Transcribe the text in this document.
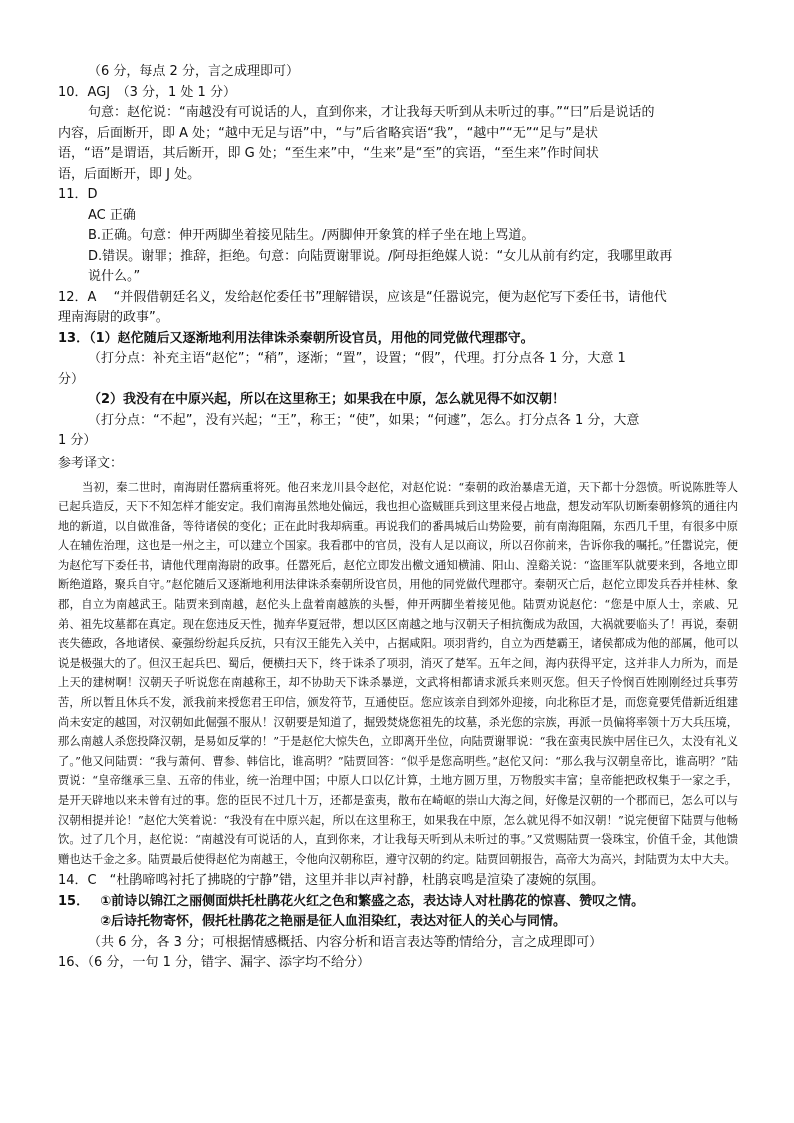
（6 分，每点 2 分，言之成理即可）
10．AGJ　（3 分，1 处 1 分）
句意：赵佗说：“南越没有可说话的人，直到你来，才让我每天听到从未听过的事。”“曰”后是说话的
内容，后面断开，即 A 处；“越中无足与语”中，“与”后省略宾语“我”，“越中”“无”“足与”是状
语，“语”是谓语，其后断开，即 G 处；“至生来”中，“生来”是“至”的宾语，“至生来”作时间状
语，后面断开，即 J 处。
11．D
AC 正确
B.正确。句意：伸开两脚坐着接见陆生。/两脚伸开象箕的样子坐在地上骂道。
D.错误。谢罪；推辞，拒绝。句意：向陆贾谢罪说。/阿母拒绝媒人说：“女儿从前有约定，我哪里敢再
说什么。”
12．A　 “并假借朝廷名义，发给赵佗委任书”理解错误，应该是“任嚣说完，便为赵佗写下委任书，请他代
理南海尉的政事”。
13．（1）赵佗随后又逐渐地利用法律诛杀秦朝所设官员，用他的同党做代理郡守。
（打分点：补充主语“赵佗”；“稍”，逐渐；“置”，设置；“假”，代理。打分点各 1 分，大意 1
分）
（2）我没有在中原兴起，所以在这里称王；如果我在中原，怎么就见得不如汉朝！
（打分点：“不起”，没有兴起；“王”，称王；“使”，如果；“何遽”，怎么。打分点各 1 分，大意
1 分）
参考译文：
当初，秦二世时，南海尉任嚣病重将死。他召来龙川县令赵佗，对赵佗说：“秦朝的政治暴虐无道，天下都十分怨愤。听说陈胜等人已起兵造反，天下不知怎样才能安定。我们南海虽然地处偏远，我也担心盗贼匪兵到这里来侵占地盘，想发动军队切断秦朝修筑的通往内地的新道，以自做准备，等待诸侯的变化；正在此时我却病重。再说我们的番禺城后山势险要，前有南海阻隔，东西几千里，有很多中原人在辅佐治理，这也是一州之主，可以建立个国家。我看郡中的官员，没有人足以商议，所以召你前来，告诉你我的嘱托。”任嚣说完，便为赵佗写下委任书，请他代理南海尉的政事。任嚣死后，赵佗立即发出檄文通知横浦、阳山、湟谿关说：“盗匪军队就要来到，各地立即断绝道路，聚兵自守。”赵佗随后又逐渐地利用法律诛杀秦朝所设官员，用他的同党做代理郡守。秦朝灭亡后，赵佗立即发兵吞并桂林、象郡，自立为南越武王。陆贾来到南越，赵佗头上盘着南越族的头髻，伸开两脚坐着接见他。陆贾劝说赵佗：“您是中原人士，亲戚、兄弟、祖先坟墓都在真定。现在您违反天性，抛弃华夏冠带，想以区区南越之地与汉朝天子相抗衡成为敌国，大祸就要临头了！再说，秦朝丧失德政，各地诸侯、豪强纷纷起兵反抗，只有汉王能先入关中，占据咸阳。项羽背约，自立为西楚霸王，诸侯都成为他的部属，他可以说是极强大的了。但汉王起兵巴、蜀后，便横扫天下，终于诛杀了项羽，消灭了楚军。五年之间，海内获得平定，这并非人力所为，而是上天的建树啊！汉朝天子听说您在南越称王，却不协助天下诛杀暴逆，文武将相都请求派兵来则灭您。但天子怜悯百姓刚刚经过兵事劳苦，所以暂且休兵不发，派我前来授您君王印信，颁发符节，互通使臣。您应该亲自到郊外迎接，向北称臣才是，而您竟要凭借新近组建尚未安定的越国，对汉朝如此倔强不服从！汉朝要是知道了，掘毁焚烧您祖先的坟墓，杀光您的宗族，再派一员偏将率领十万大兵压境，那么南越人杀您投降汉朝，是易如反掌的！”于是赵佗大惊失色，立即离开坐位，向陆贾谢罪说：“我在蛮夷民族中居住已久，太没有礼义了。”他又问陆贾：“我与萧何、曹参、韩信比，谁高明？”陆贾回答：“似乎是您高明些。”赵佗又问：“那么我与汉朝皇帝比，谁高明？”陆贾说：“皇帝继承三皇、五帝的伟业，统一治理中国；中原人口以亿计算，土地方圆万里，万物殷实丰富；皇帝能把政权集于一家之手，是开天辟地以来未曾有过的事。您的臣民不过几十万，还都是蛮夷，散布在崎岖的崇山大海之间，好像是汉朝的一个郡而已，怎么可以与汉朝相提并论！”赵佗大笑着说：“我没有在中原兴起，所以在这里称王，如果我在中原，怎么就见得不如汉朝！”说完便留下陆贾与他畅饮。过了几个月，赵佗说：“南越没有可说话的人，直到你来，才让我每天听到从未听过的事。”又赏赐陆贾一袋珠宝，价值千金，其他馈赠也达千金之多。陆贾最后使得赵佗为南越王，令他向汉朝称臣，遵守汉朝的约定。陆贾回朝报告，高帝大为高兴，封陆贾为太中大夫。
14．C　“杜鹃啼鸣衬托了拂晓的宁静”错，这里并非以声衬静，杜鹃哀鸣是渲染了凄婉的氛围。
15．　 ①前诗以锦江之丽侧面烘托杜鹃花火红之色和繁盛之态，表达诗人对杜鹃花的惊喜、赞叹之情。
②后诗托物寄怀，假托杜鹃花之艳丽是征人血泪染红，表达对征人的关心与同情。
（共 6 分，各 3 分；可根据情感概括、内容分析和语言表达等酌情给分，言之成理即可）
16、（6 分，一句 1 分，错字、漏字、添字均不给分）
